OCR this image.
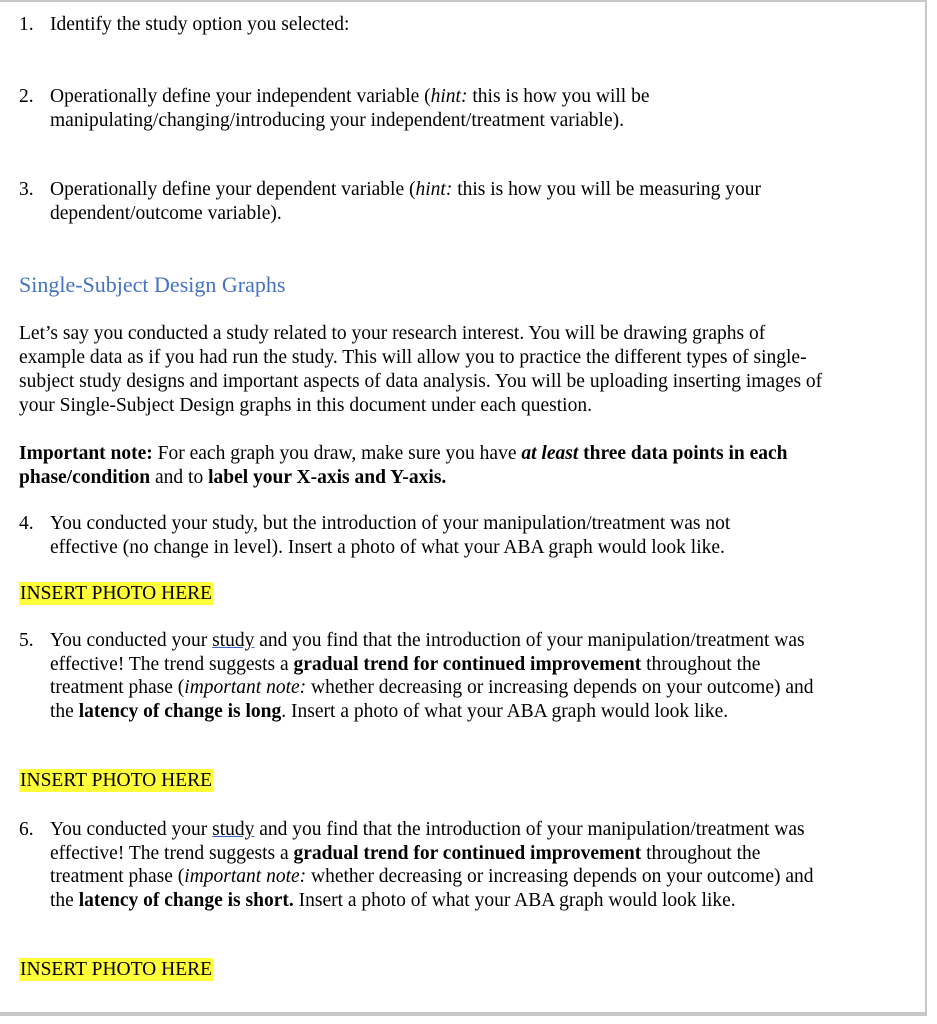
1. Identify the study option you selected:
2. Operationally define your independent variable (hint: this is how you will be manipulating/changing/introducing your independent/treatment variable).
3. Operationally define your dependent variable (hint: this is how you will be measuring your dependent/outcome variable).
Single-Subject Design Graphs

Let’s say you conducted a study related to your research interest. You will be drawing graphs of example data as if you had run the study. This will allow you to practice the different types of single-subject study designs and important aspects of data analysis. You will be uploading inserting images of your Single-Subject Design graphs in this document under each question.

Important note: For each graph you draw, make sure you have at least three data points in each phase/condition and to label your X-axis and Y-axis.

4. You conducted your study, but the introduction of your manipulation/treatment was not effective (no change in level). Insert a photo of what your ABA graph would look like.
INSERT PHOTO HERE
5. You conducted your study and you find that the introduction of your manipulation/treatment was effective! The trend suggests a gradual trend for continued improvement throughout the treatment phase (important note: whether decreasing or increasing depends on your outcome) and the latency of change is long. Insert a photo of what your ABA graph would look like.
INSERT PHOTO HERE
6. You conducted your study and you find that the introduction of your manipulation/treatment was effective! The trend suggests a gradual trend for continued improvement throughout the treatment phase (important note: whether decreasing or increasing depends on your outcome) and the latency of change is short. Insert a photo of what your ABA graph would look like.
INSERT PHOTO HERE
